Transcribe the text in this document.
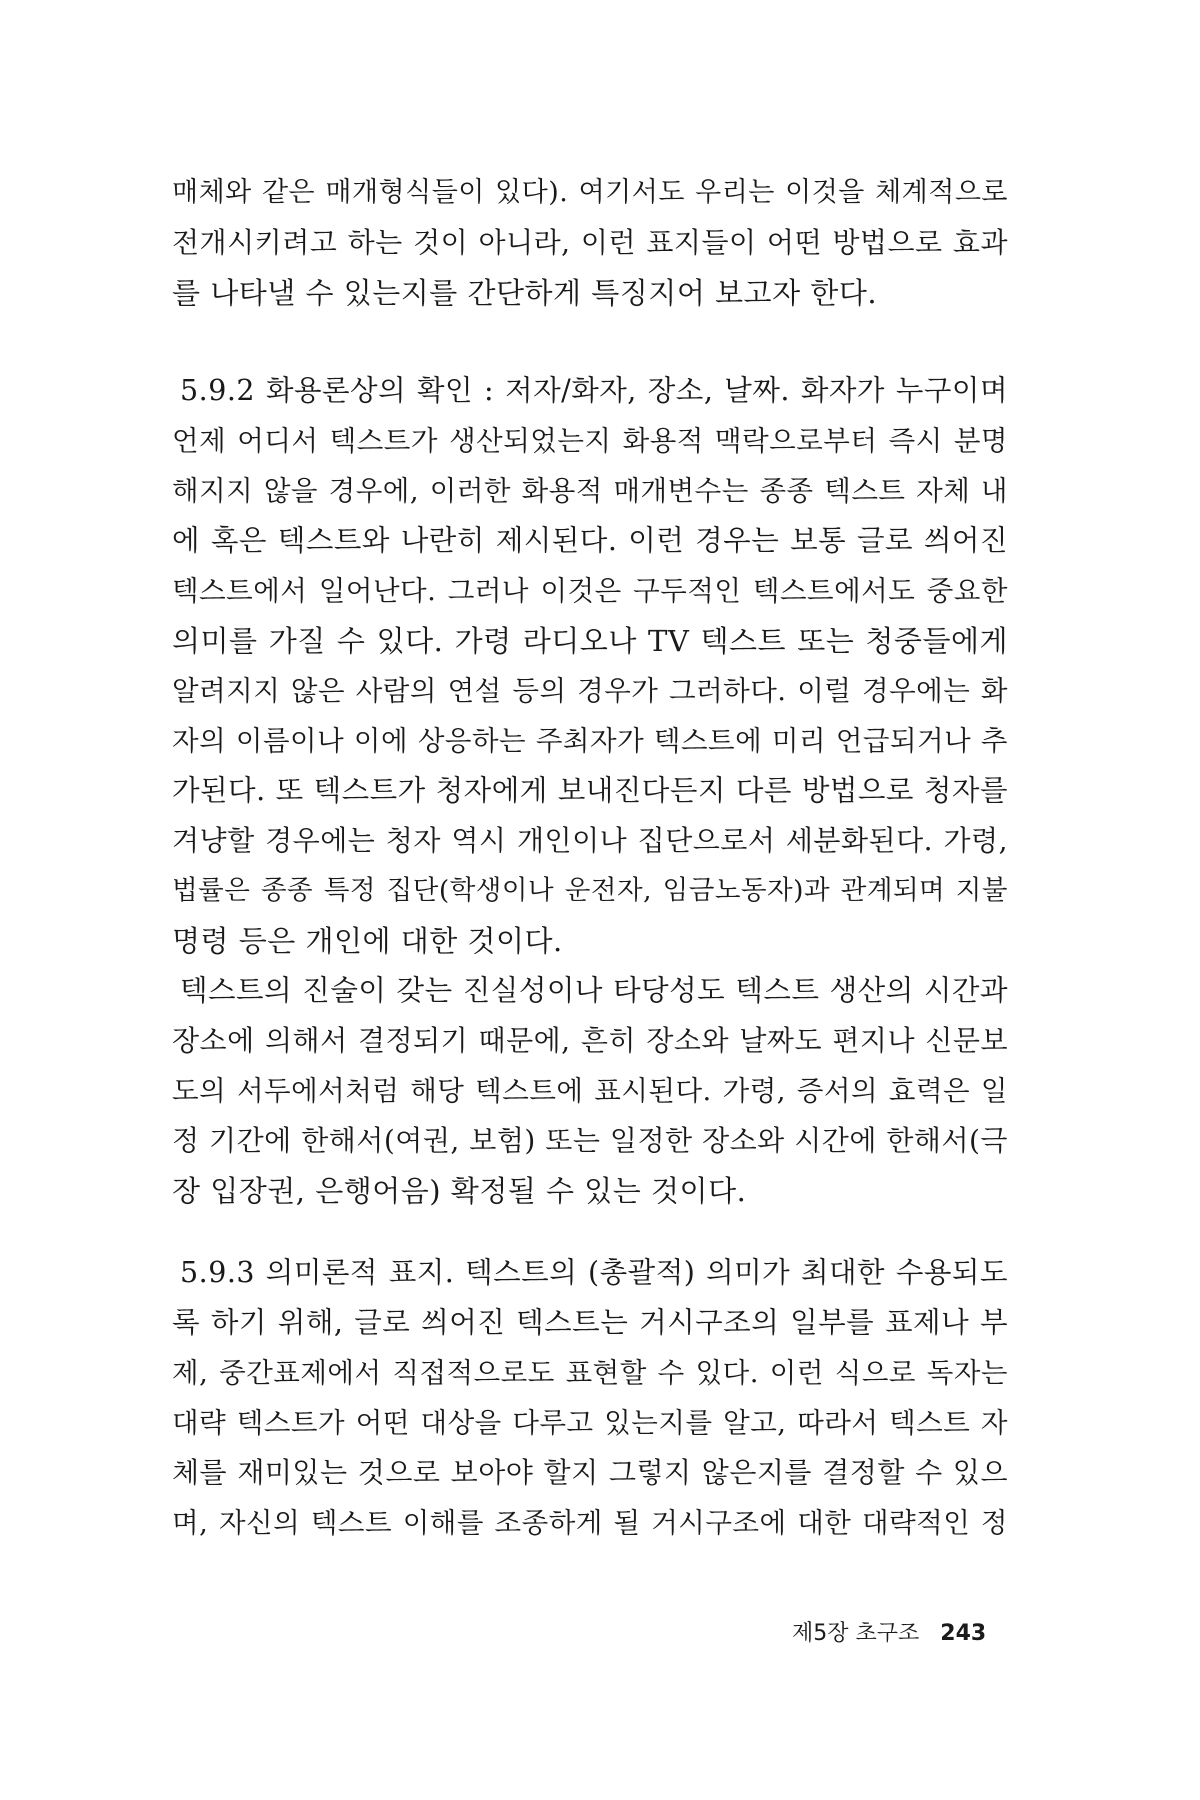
매체와 같은 매개형식들이 있다). 여기서도 우리는 이것을 체계적으로
전개시키려고 하는 것이 아니라, 이런 표지들이 어떤 방법으로 효과
를 나타낼 수 있는지를 간단하게 특징지어 보고자 한다.
5.9.2 화용론상의 확인 : 저자/화자, 장소, 날짜. 화자가 누구이며
언제 어디서 텍스트가 생산되었는지 화용적 맥락으로부터 즉시 분명
해지지 않을 경우에, 이러한 화용적 매개변수는 종종 텍스트 자체 내
에 혹은 텍스트와 나란히 제시된다. 이런 경우는 보통 글로 씌어진
텍스트에서 일어난다. 그러나 이것은 구두적인 텍스트에서도 중요한
의미를 가질 수 있다. 가령 라디오나 TV 텍스트 또는 청중들에게
알려지지 않은 사람의 연설 등의 경우가 그러하다. 이럴 경우에는 화
자의 이름이나 이에 상응하는 주최자가 텍스트에 미리 언급되거나 추
가된다. 또 텍스트가 청자에게 보내진다든지 다른 방법으로 청자를
겨냥할 경우에는 청자 역시 개인이나 집단으로서 세분화된다. 가령,
법률은 종종 특정 집단(학생이나 운전자, 임금노동자)과 관계되며 지불
명령 등은 개인에 대한 것이다.
텍스트의 진술이 갖는 진실성이나 타당성도 텍스트 생산의 시간과
장소에 의해서 결정되기 때문에, 흔히 장소와 날짜도 편지나 신문보
도의 서두에서처럼 해당 텍스트에 표시된다. 가령, 증서의 효력은 일
정 기간에 한해서(여권, 보험) 또는 일정한 장소와 시간에 한해서(극
장 입장권, 은행어음) 확정될 수 있는 것이다.
5.9.3 의미론적 표지. 텍스트의 (총괄적) 의미가 최대한 수용되도
록 하기 위해, 글로 씌어진 텍스트는 거시구조의 일부를 표제나 부
제, 중간표제에서 직접적으로도 표현할 수 있다. 이런 식으로 독자는
대략 텍스트가 어떤 대상을 다루고 있는지를 알고, 따라서 텍스트 자
체를 재미있는 것으로 보아야 할지 그렇지 않은지를 결정할 수 있으
며, 자신의 텍스트 이해를 조종하게 될 거시구조에 대한 대략적인 정
제5장 초구조 243
